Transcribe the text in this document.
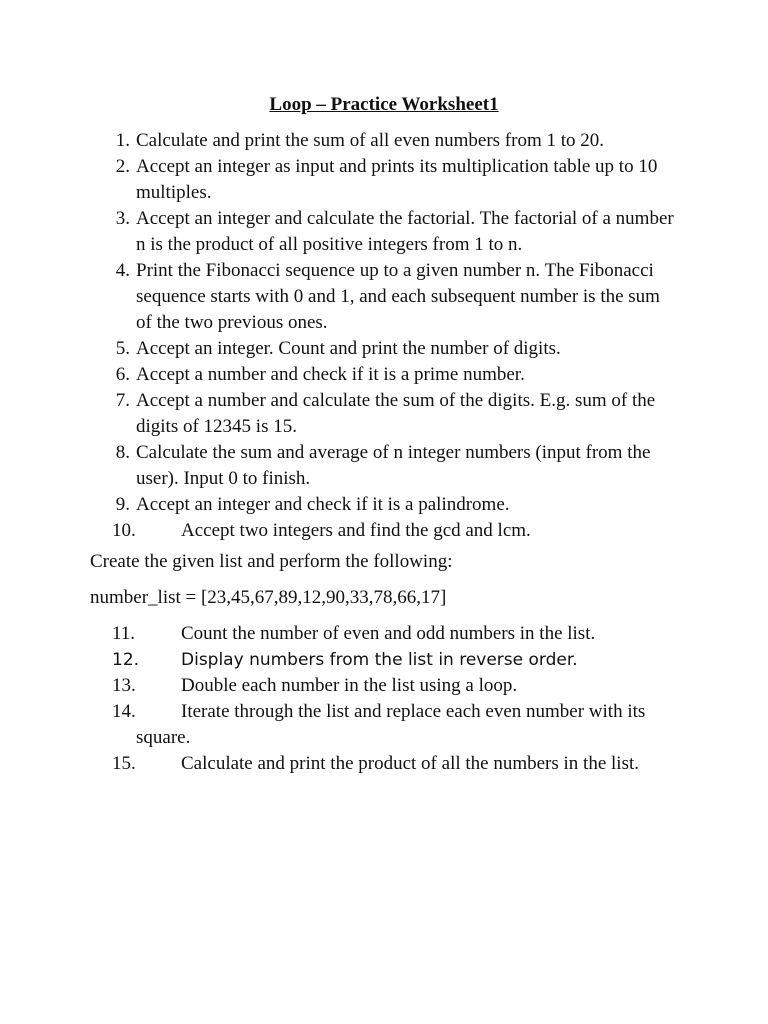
Loop – Practice Worksheet1
1. Calculate and print the sum of all even numbers from 1 to 20.
2. Accept an integer as input and prints its multiplication table up to 10 multiples.
3. Accept an integer and calculate the factorial. The factorial of a number n is the product of all positive integers from 1 to n.
4. Print the Fibonacci sequence up to a given number n. The Fibonacci sequence starts with 0 and 1, and each subsequent number is the sum of the two previous ones.
5. Accept an integer. Count and print the number of digits.
6. Accept a number and check if it is a prime number.
7. Accept a number and calculate the sum of the digits. E.g. sum of the digits of 12345 is 15.
8. Calculate the sum and average of n integer numbers (input from the user). Input 0 to finish.
9. Accept an integer and check if it is a palindrome.
10.	Accept two integers and find the gcd and lcm.
Create the given list and perform the following:
number_list = [23,45,67,89,12,90,33,78,66,17]
11.	Count the number of even and odd numbers in the list.
12.	Display numbers from the list in reverse order.
13.	Double each number in the list using a loop.
14.	Iterate through the list and replace each even number with its square.
15.	Calculate and print the product of all the numbers in the list.
